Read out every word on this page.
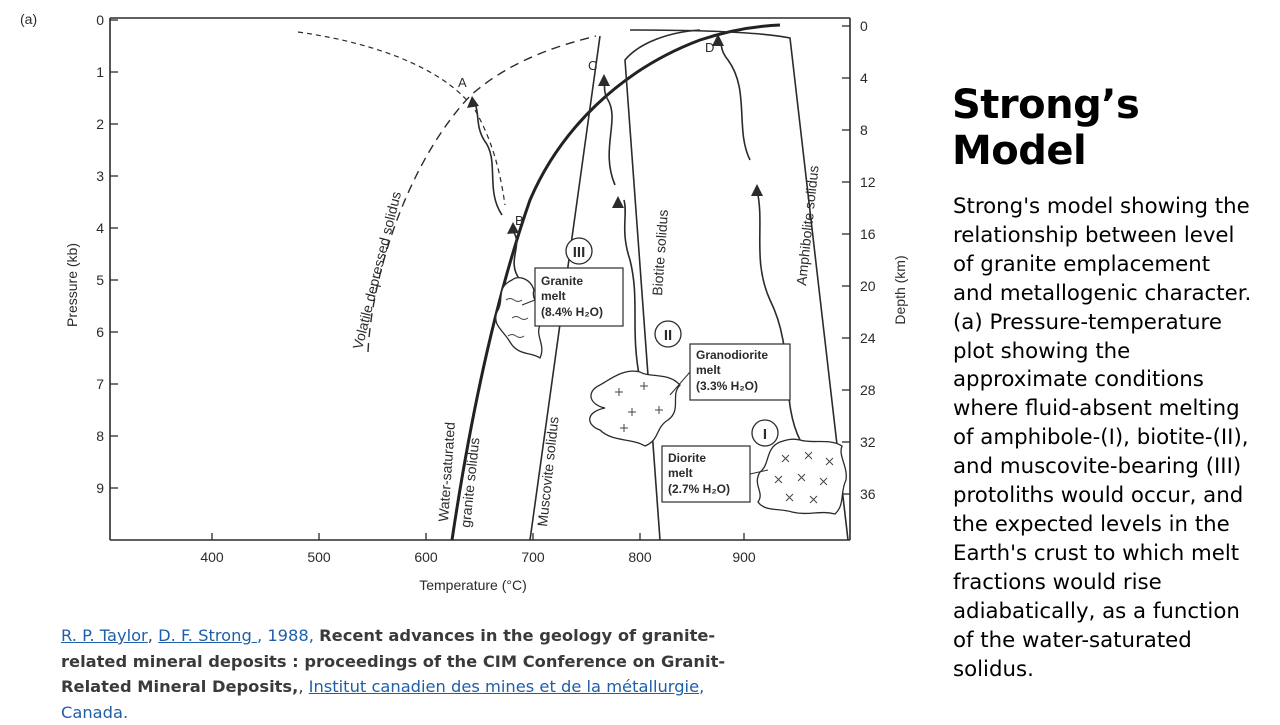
(a)	0
1
2
3
4
5
6
7
8
9
Pressure (kb)
0
4
8
12
16
20
24
28
32
36
Depth (km)
400	500	600	700	800	900
Temperature (°C)
Volatile depressed solidus
Water-saturated granite solidus	Muscovite solidus
Biotite solidus	Amphibolite solidus
A
B
C
D
III
II
I
Granite
melt
(8.4% H₂O)
Granodiorite
melt
(3.3% H₂O)
Diorite
melt
(2.7% H₂O)
Strong’s Model

Strong's model showing the relationship between level of granite emplacement and metallogenic character. (a) Pressure-temperature plot showing the approximate conditions where fluid-absent melting of amphibole-(I), biotite-(II), and muscovite-bearing (III) protoliths would occur, and the expected levels in the Earth's crust to which melt fractions would rise adiabatically, as a function of the water-saturated solidus.

R. P. Taylor, D. F. Strong , 1988, Recent advances in the geology of granite-related mineral deposits : proceedings of the CIM Conference on Granit-Related Mineral Deposits,, Institut canadien des mines et de la métallurgie, Canada.
